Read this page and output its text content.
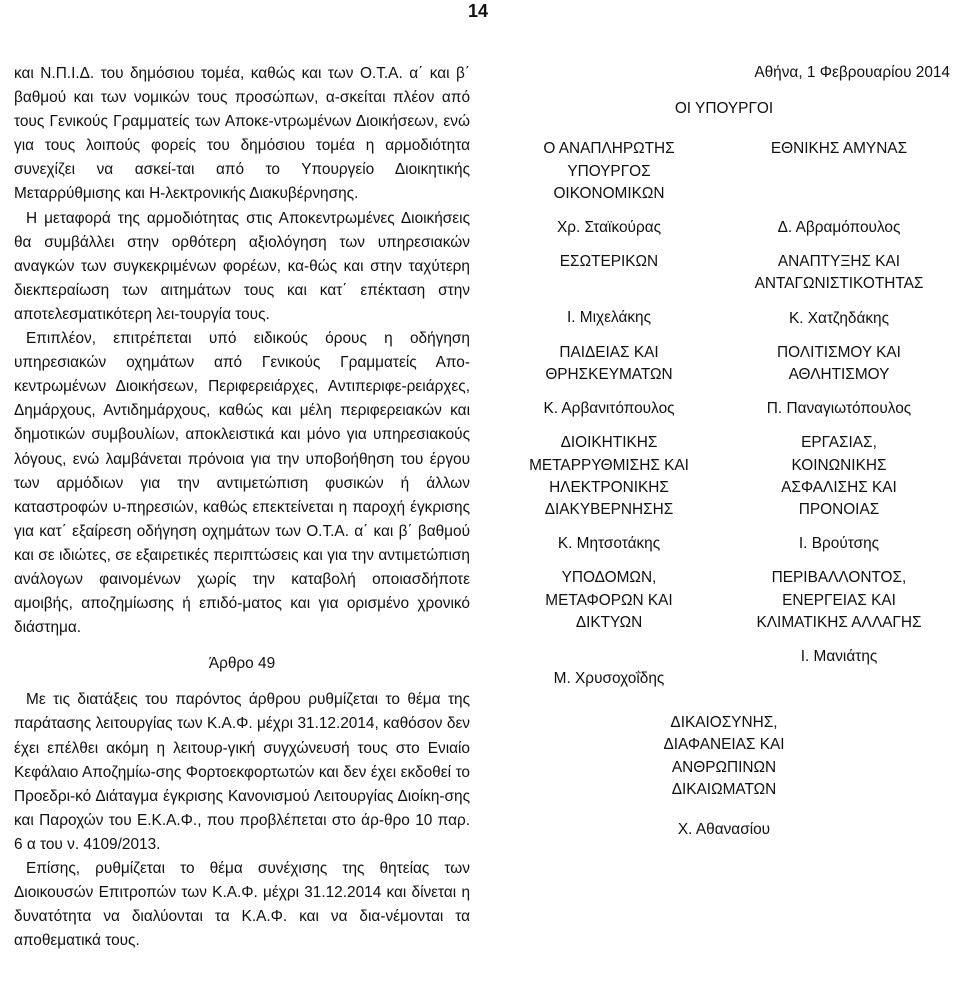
14

και Ν.Π.Ι.Δ. του δημόσιου τομέα, καθώς και των Ο.Τ.Α. α΄ και β΄ βαθμού και των νομικών τους προσώπων, α-σκείται πλέον από τους Γενικούς Γραμματείς των Αποκε-ντρωμένων Διοικήσεων, ενώ για τους λοιπούς φορείς του δημόσιου τομέα η αρμοδιότητα συνεχίζει να ασκεί-ται από το Υπουργείο Διοικητικής Μεταρρύθμισης και Η-λεκτρονικής Διακυβέρνησης.

Η μεταφορά της αρμοδιότητας στις Αποκεντρωμένες Διοικήσεις θα συμβάλλει στην ορθότερη αξιολόγηση των υπηρεσιακών αναγκών των συγκεκριμένων φορέων, κα-θώς και στην ταχύτερη διεκπεραίωση των αιτημάτων τους και κατ΄ επέκταση στην αποτελεσματικότερη λει-τουργία τους.

Επιπλέον, επιτρέπεται υπό ειδικούς όρους η οδήγηση υπηρεσιακών οχημάτων από Γενικούς Γραμματείς Απο-κεντρωμένων Διοικήσεων, Περιφερειάρχες, Αντιπεριφε-ρειάρχες, Δημάρχους, Αντιδημάρχους, καθώς και μέλη περιφερειακών και δημοτικών συμβουλίων, αποκλειστικά και μόνο για υπηρεσιακούς λόγους, ενώ λαμβάνεται πρόνοια για την υποβοήθηση του έργου των αρμόδιων για την αντιμετώπιση φυσικών ή άλλων καταστροφών υ-πηρεσιών, καθώς επεκτείνεται η παροχή έγκρισης για κατ΄ εξαίρεση οδήγηση οχημάτων των Ο.Τ.Α. α΄ και β΄ βαθμού και σε ιδιώτες, σε εξαιρετικές περιπτώσεις και για την αντιμετώπιση ανάλογων φαινομένων χωρίς την καταβολή οποιασδήποτε αμοιβής, αποζημίωσης ή επιδό-ματος και για ορισμένο χρονικό διάστημα.

Άρθρο 49

Με τις διατάξεις του παρόντος άρθρου ρυθμίζεται το θέμα της παράτασης λειτουργίας των Κ.Α.Φ. μέχρι 31.12.2014, καθόσον δεν έχει επέλθει ακόμη η λειτουρ-γική συγχώνευσή τους στο Ενιαίο Κεφάλαιο Αποζημίω-σης Φορτοεκφορτωτών και δεν έχει εκδοθεί το Προεδρι-κό Διάταγμα έγκρισης Κανονισμού Λειτουργίας Διοίκη-σης και Παροχών του Ε.Κ.Α.Φ., που προβλέπεται στο άρ-θρο 10 παρ. 6 α του ν. 4109/2013.

Επίσης, ρυθμίζεται το θέμα συνέχισης της θητείας των Διοικουσών Επιτροπών των Κ.Α.Φ. μέχρι 31.12.2014 και δίνεται η δυνατότητα να διαλύονται τα Κ.Α.Φ. και να δια-νέμονται τα αποθεματικά τους.

Αθήνα, 1 Φεβρουαρίου 2014
ΟΙ ΥΠΟΥΡΓΟΙ
Ο ΑΝΑΠΛΗΡΩΤΗΣ ΥΠΟΥΡΓΟΣ ΟΙΚΟΝΟΜΙΚΩΝ
Χρ. Σταϊκούρας
ΕΘΝΙΚΗΣ ΑΜΥΝΑΣ
Δ. Αβραμόπουλος
ΕΣΩΤΕΡΙΚΩΝ
Ι. Μιχελάκης
ΑΝΑΠΤΥΞΗΣ ΚΑΙ ΑΝΤΑΓΩΝΙΣΤΙΚΟΤΗΤΑΣ
Κ. Χατζηδάκης
ΠΑΙΔΕΙΑΣ ΚΑΙ ΘΡΗΣΚΕΥΜΑΤΩΝ
Κ. Αρβανιτόπουλος
ΠΟΛΙΤΙΣΜΟΥ ΚΑΙ ΑΘΛΗΤΙΣΜΟΥ
Π. Παναγιωτόπουλος
ΔΙΟΙΚΗΤΙΚΗΣ ΜΕΤΑΡΡΥΘΜΙΣΗΣ ΚΑΙ ΗΛΕΚΤΡΟΝΙΚΗΣ ΔΙΑΚΥΒΕΡΝΗΣΗΣ
Κ. Μητσοτάκης
ΕΡΓΑΣΙΑΣ, ΚΟΙΝΩΝΙΚΗΣ ΑΣΦΑΛΙΣΗΣ ΚΑΙ ΠΡΟΝΟΙΑΣ
Ι. Βρούτσης
ΥΠΟΔΟΜΩΝ, ΜΕΤΑΦΟΡΩΝ ΚΑΙ ΔΙΚΤΥΩΝ
Μ. Χρυσοχοΐδης
ΠΕΡΙΒΑΛΛΟΝΤΟΣ, ΕΝΕΡΓΕΙΑΣ ΚΑΙ ΚΛΙΜΑΤΙΚΗΣ ΑΛΛΑΓΗΣ
Ι. Μανιάτης
ΔΙΚΑΙΟΣΥΝΗΣ, ΔΙΑΦΑΝΕΙΑΣ ΚΑΙ ΑΝΘΡΩΠΙΝΩΝ ΔΙΚΑΙΩΜΑΤΩΝ
Χ. Αθανασίου
